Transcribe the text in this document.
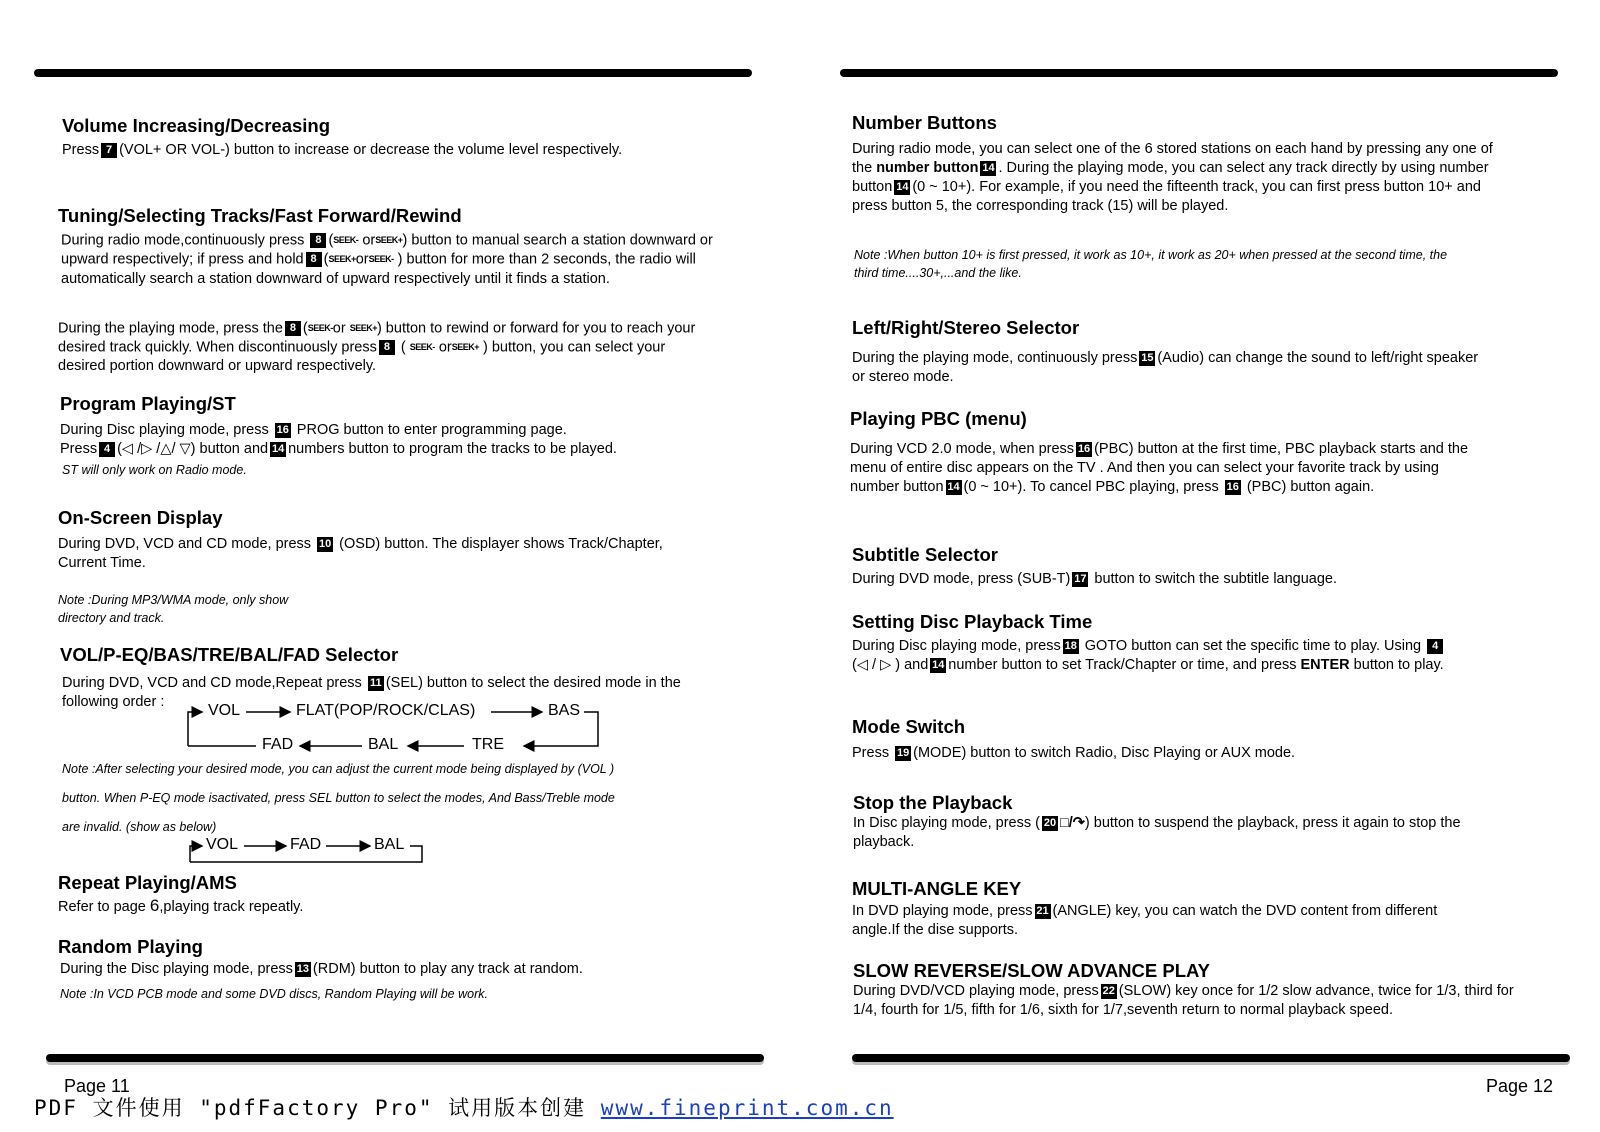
Volume Increasing/Decreasing

Press 7 (VOL+ OR VOL-) button to increase or decrease the volume level respectively.

Tuning/Selecting Tracks/Fast Forward/Rewind

During radio mode,continuously press 8 (SEEK- orSEEK+) button to manual search a station downward or
upward respectively; if press and hold 8 (SEEK+orSEEK- ) button for more than 2 seconds, the radio will
automatically search a station downward of upward respectively until it finds a station.

During the playing mode, press the 8 (SEEK-or SEEK+) button to rewind or forward for you to reach your
desired track quickly. When discontinuously press 8 ( SEEK- orSEEK+ ) button, you can select your
desired portion downward or upward respectively.

Program Playing/ST

During Disc playing mode, press 16 PROG button to enter programming page.
Press 4 (◁ /▷ /△/ ▽) button and 14 numbers button to program the tracks to be played.

ST will only work on Radio mode.

On-Screen Display

During DVD, VCD and CD mode, press 10 (OSD) button. The displayer shows Track/Chapter,
Current Time.

Note :During MP3/WMA mode, only show
directory and track.

VOL/P-EQ/BAS/TRE/BAL/FAD Selector

During DVD, VCD and CD mode,Repeat press 11 (SEL) button to select the desired mode in the
following order :	VOL	FLAT(POP/ROCK/CLAS)	BAS
TRE
BAL
FAD

Note :After selecting your desired mode, you can adjust the current mode being displayed by (VOL )

button. When P-EQ mode isactivated, press SEL button to select the modes, And Bass/Treble mode

are invalid. (show as below)

VOL	FAD	BAL
Repeat Playing/AMS

Refer to page 6,playing track repeatly.

Random Playing

During the Disc playing mode, press 13 (RDM) button to play any track at random.

Note :In VCD PCB mode and some DVD discs, Random Playing will be work.

Page 11
Number Buttons

During radio mode, you can select one of the 6 stored stations on each hand by pressing any one of
the number button 14 . During the playing mode, you can select any track directly by using number
button 14 (0 ~ 10+). For example, if you need the fifteenth track, you can first press button 10+ and
press button 5, the corresponding track (15) will be played.

Note :When button 10+ is first pressed, it work as 10+, it work as 20+ when pressed at the second time, the
third time....30+,...and the like.

Left/Right/Stereo Selector

During the playing mode, continuously press 15 (Audio) can change the sound to left/right speaker
or stereo mode.

Playing PBC (menu)

During VCD 2.0 mode, when press 16 (PBC) button at the first time, PBC playback starts and the
menu of entire disc appears on the TV . And then you can select your favorite track by using
number button 14 (0 ~ 10+). To cancel PBC playing, press 16 (PBC) button again.

Subtitle Selector

During DVD mode, press (SUB-T) 17 button to switch the subtitle language.

Setting Disc Playback Time

During Disc playing mode, press 18 GOTO button can set the specific time to play. Using 4
(◁ / ▷ ) and 14 number button to set Track/Chapter or time, and press ENTER button to play.

Mode Switch

Press 19 (MODE) button to switch Radio, Disc Playing or AUX mode.

Stop the Playback

In Disc playing mode, press ( 20 □/↷) button to suspend the playback, press it again to stop the
playback.

MULTI-ANGLE KEY

In DVD playing mode, press 21 (ANGLE) key, you can watch the DVD content from different
angle.If the dise supports.

SLOW REVERSE/SLOW ADVANCE PLAY

During DVD/VCD playing mode, press 22 (SLOW) key once for 1/2 slow advance, twice for 1/3, third for
1/4, fourth for 1/5, fifth for 1/6, sixth for 1/7,seventh return to normal playback speed.

Page 12
PDF 文件使用 "pdfFactory Pro" 试用版本创建 www.fineprint.com.cn
